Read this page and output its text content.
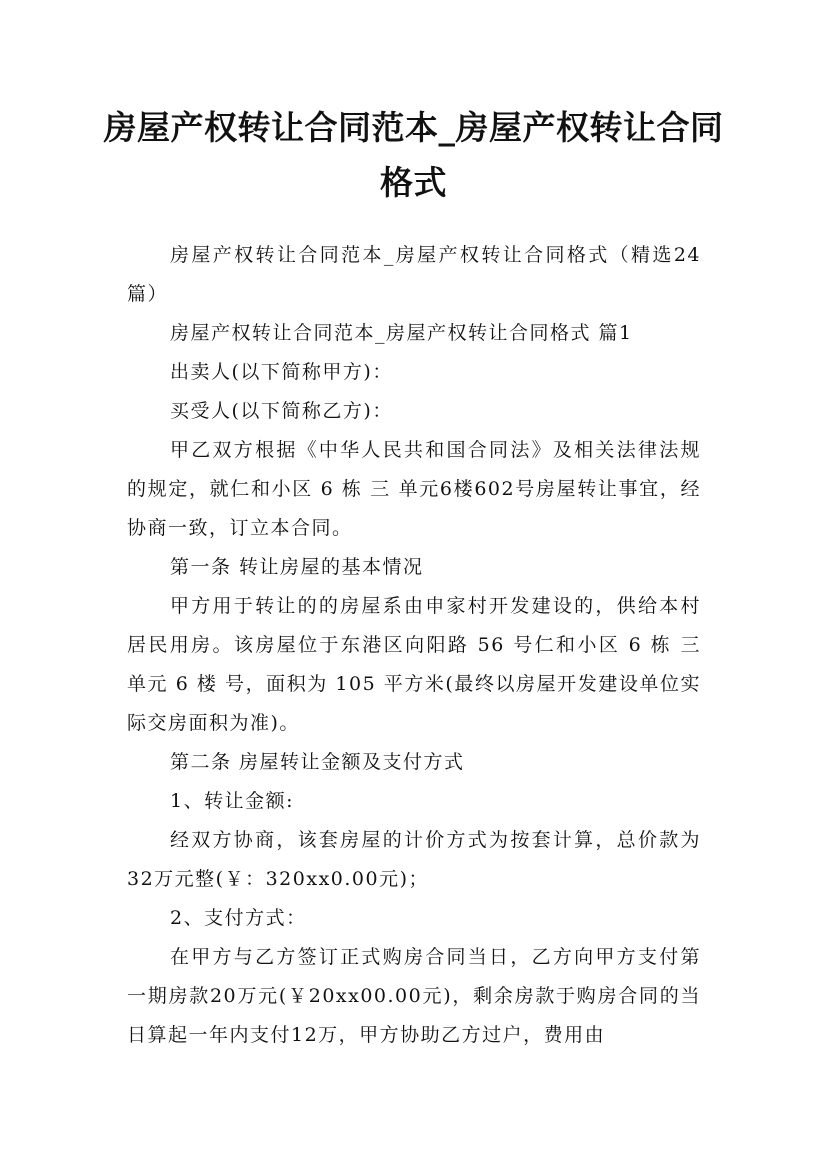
房屋产权转让合同范本_房屋产权转让合同格式

房屋产权转让合同范本_房屋产权转让合同格式（精选24篇）

房屋产权转让合同范本_房屋产权转让合同格式 篇1

出卖人(以下简称甲方)：

买受人(以下简称乙方)：

甲乙双方根据《中华人民共和国合同法》及相关法律法规的规定，就仁和小区 6 栋 三 单元6楼602号房屋转让事宜，经协商一致，订立本合同。

第一条 转让房屋的基本情况

甲方用于转让的的房屋系由申家村开发建设的，供给本村居民用房。该房屋位于东港区向阳路 56 号仁和小区 6 栋 三 单元 6 楼 号，面积为 105 平方米(最终以房屋开发建设单位实际交房面积为准)。

第二条 房屋转让金额及支付方式

1、转让金额:

经双方协商，该套房屋的计价方式为按套计算，总价款为32万元整(￥：320xx0.00元)；

2、支付方式：

在甲方与乙方签订正式购房合同当日，乙方向甲方支付第一期房款20万元(￥20xx00.00元)，剩余房款于购房合同的当日算起一年内支付12万，甲方协助乙方过户，费用由
